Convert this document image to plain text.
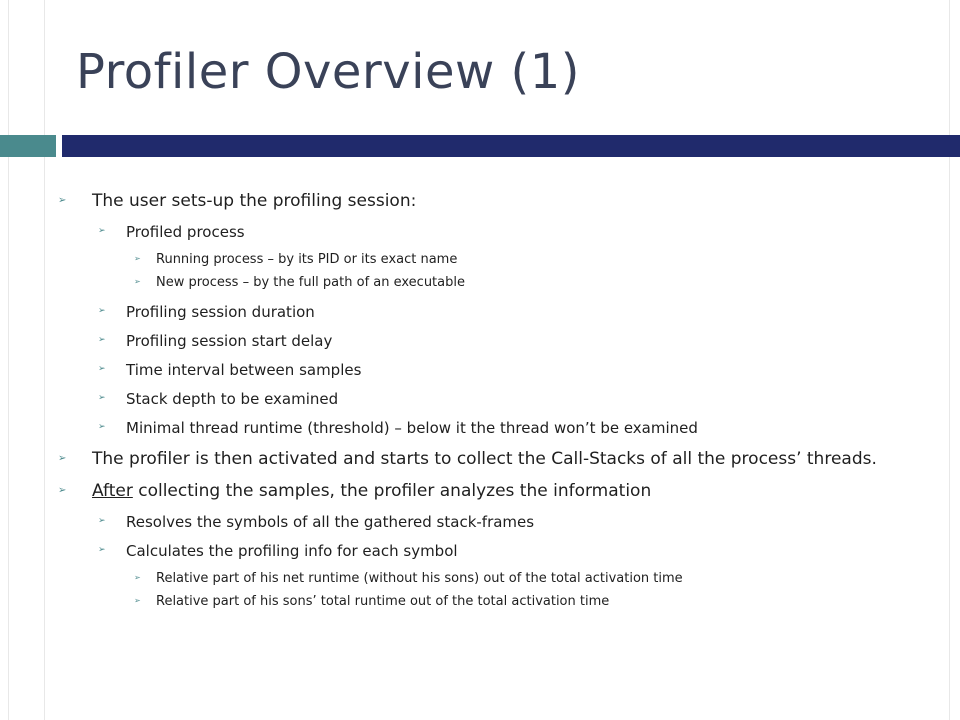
Profiler Overview (1)
➢ The user sets-up the profiling session:
➢ Profiled process
➢ Running process – by its PID or its exact name
➢ New process – by the full path of an executable
➢ Profiling session duration
➢ Profiling session start delay
➢ Time interval between samples
➢ Stack depth to be examined
➢ Minimal thread runtime (threshold) – below it the thread won’t be examined
➢ The profiler is then activated and starts to collect the Call-Stacks of all the process’ threads.
➢ After collecting the samples, the profiler analyzes the information
➢ Resolves the symbols of all the gathered stack-frames
➢ Calculates the profiling info for each symbol
➢ Relative part of his net runtime (without his sons) out of the total activation time
➢ Relative part of his sons’ total runtime out of the total activation time
